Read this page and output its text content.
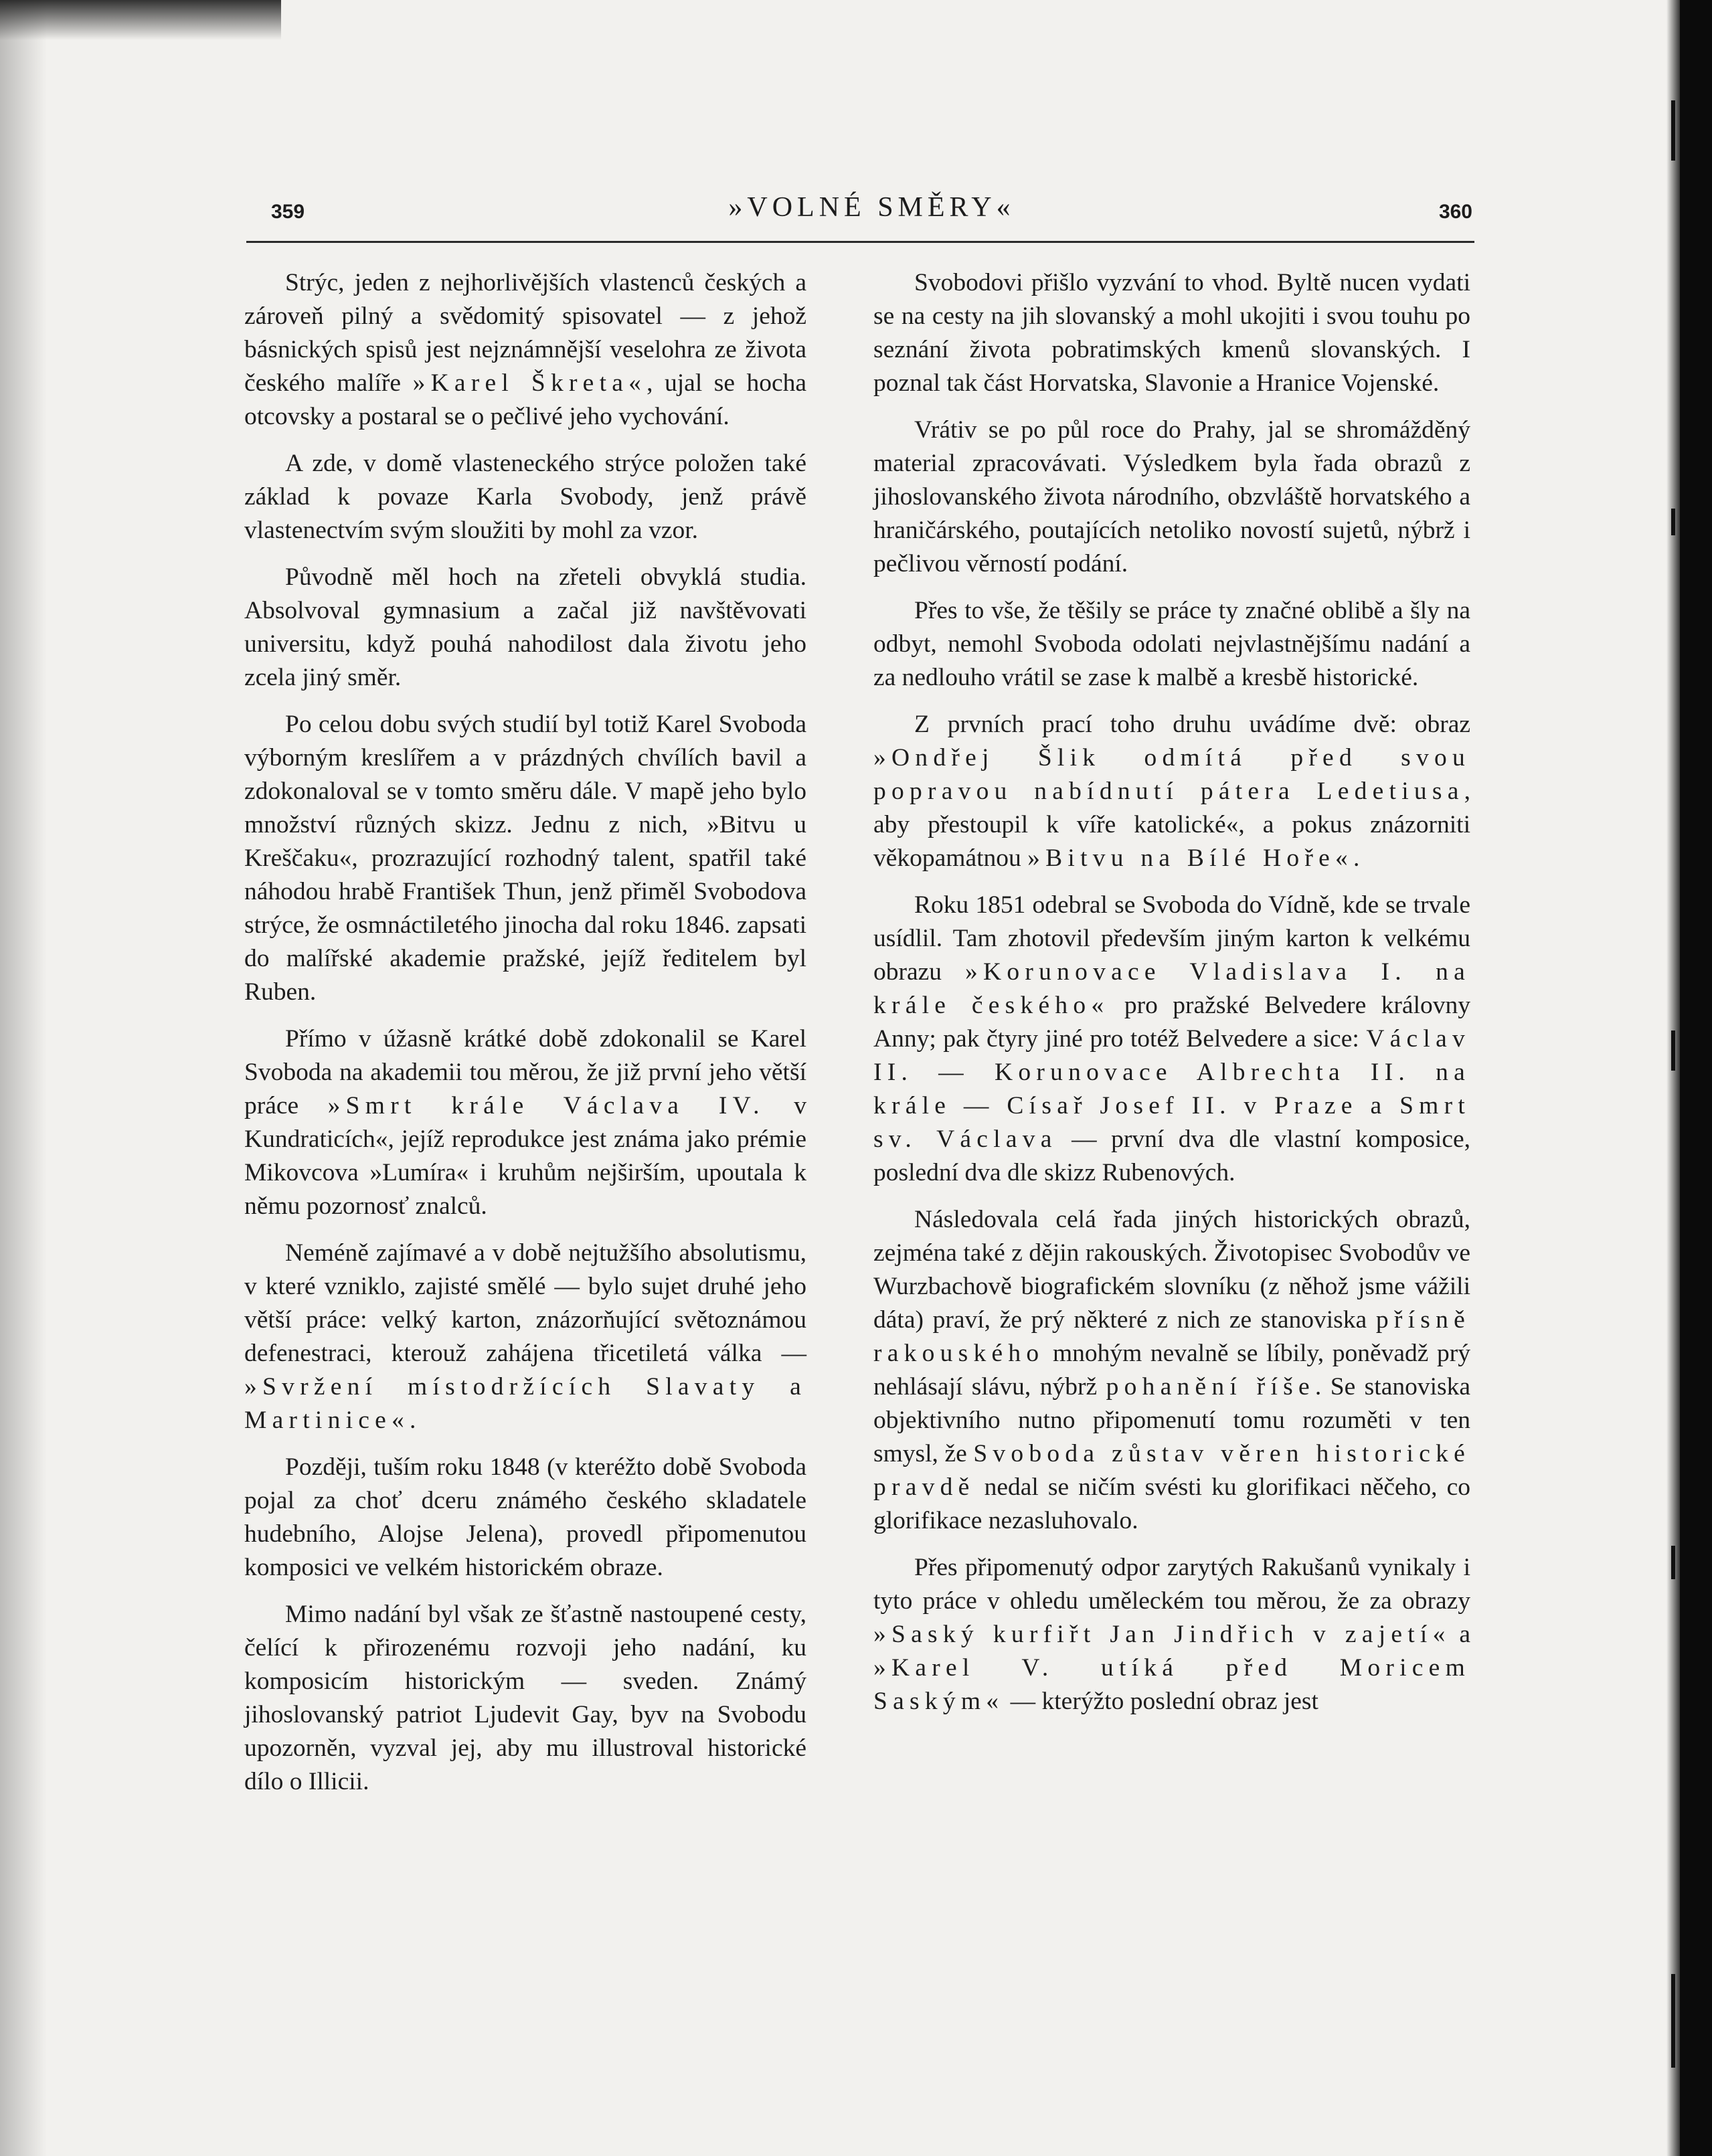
359	»VOLNÉ SMĚRY«	360

Strýc, jeden z nejhorlivějších vlastenců českých a zároveň pilný a svědomitý spisovatel — z jehož básnických spisů jest nejznámnější veselohra ze života českého malíře »Karel Škreta«, ujal se hocha otcovsky a postaral se o pečlivé jeho vychování.

A zde, v domě vlasteneckého strýce položen také základ k povaze Karla Svobody, jenž právě vlastenectvím svým sloužiti by mohl za vzor.

Původně měl hoch na zřeteli obvyklá studia. Absolvoval gymnasium a začal již navštěvovati universitu, když pouhá nahodilost dala životu jeho zcela jiný směr.

Po celou dobu svých studií byl totiž Karel Svoboda výborným kreslířem a v prázdných chvílích bavil a zdokonaloval se v tomto směru dále. V mapě jeho bylo množství různých skizz. Jednu z nich, »Bitvu u Kreščaku«, prozrazující rozhodný talent, spatřil také náhodou hrabě František Thun, jenž přiměl Svobodova strýce, že osmnáctiletého jinocha dal roku 1846. zapsati do malířské akademie pražské, jejíž ředitelem byl Ruben.

Přímo v úžasně krátké době zdokonalil se Karel Svoboda na akademii tou měrou, že již první jeho větší práce »Smrt krále Václava IV. v Kundraticích«, jejíž reprodukce jest známa jako prémie Mikovcova »Lumíra« i kruhům nejširším, upoutala k němu pozornosť znalců.

Neméně zajímavé a v době nejtužšího absolutismu, v které vzniklo, zajisté smělé — bylo sujet druhé jeho větší práce: velký karton, znázorňující světoznámou defenestraci, kterouž zahájena třicetiletá válka — »Svržení místodržících Slavaty a Martinice«.

Později, tuším roku 1848 (v kteréžto době Svoboda pojal za choť dceru známého českého skladatele hudebního, Alojse Jelena), provedl připomenutou komposici ve velkém historickém obraze.

Mimo nadání byl však ze šťastně nastoupené cesty, čelící k přirozenému rozvoji jeho nadání, ku komposicím historickým — sveden. Známý jihoslovanský patriot Ljudevit Gay, byv na Svobodu upozorněn, vyzval jej, aby mu illustroval historické dílo o Illicii.

Svobodovi přišlo vyzvání to vhod. Byltě nucen vydati se na cesty na jih slovanský a mohl ukojiti i svou touhu po seznání života pobratimských kmenů slovanských. I poznal tak část Horvatska, Slavonie a Hranice Vojenské.

Vrátiv se po půl roce do Prahy, jal se shromážděný material zpracovávati. Výsledkem byla řada obrazů z jihoslovanského života národního, obzvláště horvatského a hraničárského, poutajících netoliko novostí sujetů, nýbrž i pečlivou věrností podání.

Přes to vše, že těšily se práce ty značné oblibě a šly na odbyt, nemohl Svoboda odolati nejvlastnějšímu nadání a za nedlouho vrátil se zase k malbě a kresbě historické.

Z prvních prací toho druhu uvádíme dvě: obraz »Ondřej Šlik odmítá před svou popravou nabídnutí pátera Ledetiusa, aby přestoupil k víře katolické«, a pokus znázorniti věkopamátnou »Bitvu na Bílé Hoře«.

Roku 1851 odebral se Svoboda do Vídně, kde se trvale usídlil. Tam zhotovil především jiným karton k velkému obrazu »Korunovace Vladislava I. na krále českého« pro pražské Belvedere královny Anny; pak čtyry jiné pro totéž Belvedere a sice: Václav II. — Korunovace Albrechta II. na krále — Císař Josef II. v Praze a Smrt sv. Václava — první dva dle vlastní komposice, poslední dva dle skizz Rubenových.

Následovala celá řada jiných historických obrazů, zejména také z dějin rakouských. Životopisec Svobodův ve Wurzbachově biografickém slovníku (z něhož jsme vážili dáta) praví, že prý některé z nich ze stanoviska přísně rakouského mnohým nevalně se líbily, poněvadž prý nehlásají slávu, nýbrž pohanění říše. Se stanoviska objektivního nutno připomenutí tomu rozuměti v ten smysl, že Svoboda zůstav věren historické pravdě nedal se ničím svésti ku glorifikaci něčeho, co glorifikace nezasluhovalo.

Přes připomenutý odpor zarytých Rakušanů vynikaly i tyto práce v ohledu uměleckém tou měrou, že za obrazy »Saský kurfiřt Jan Jindřich v zajetí« a »Karel V. utíká před Moricem Saským« — kterýžto poslední obraz jest
